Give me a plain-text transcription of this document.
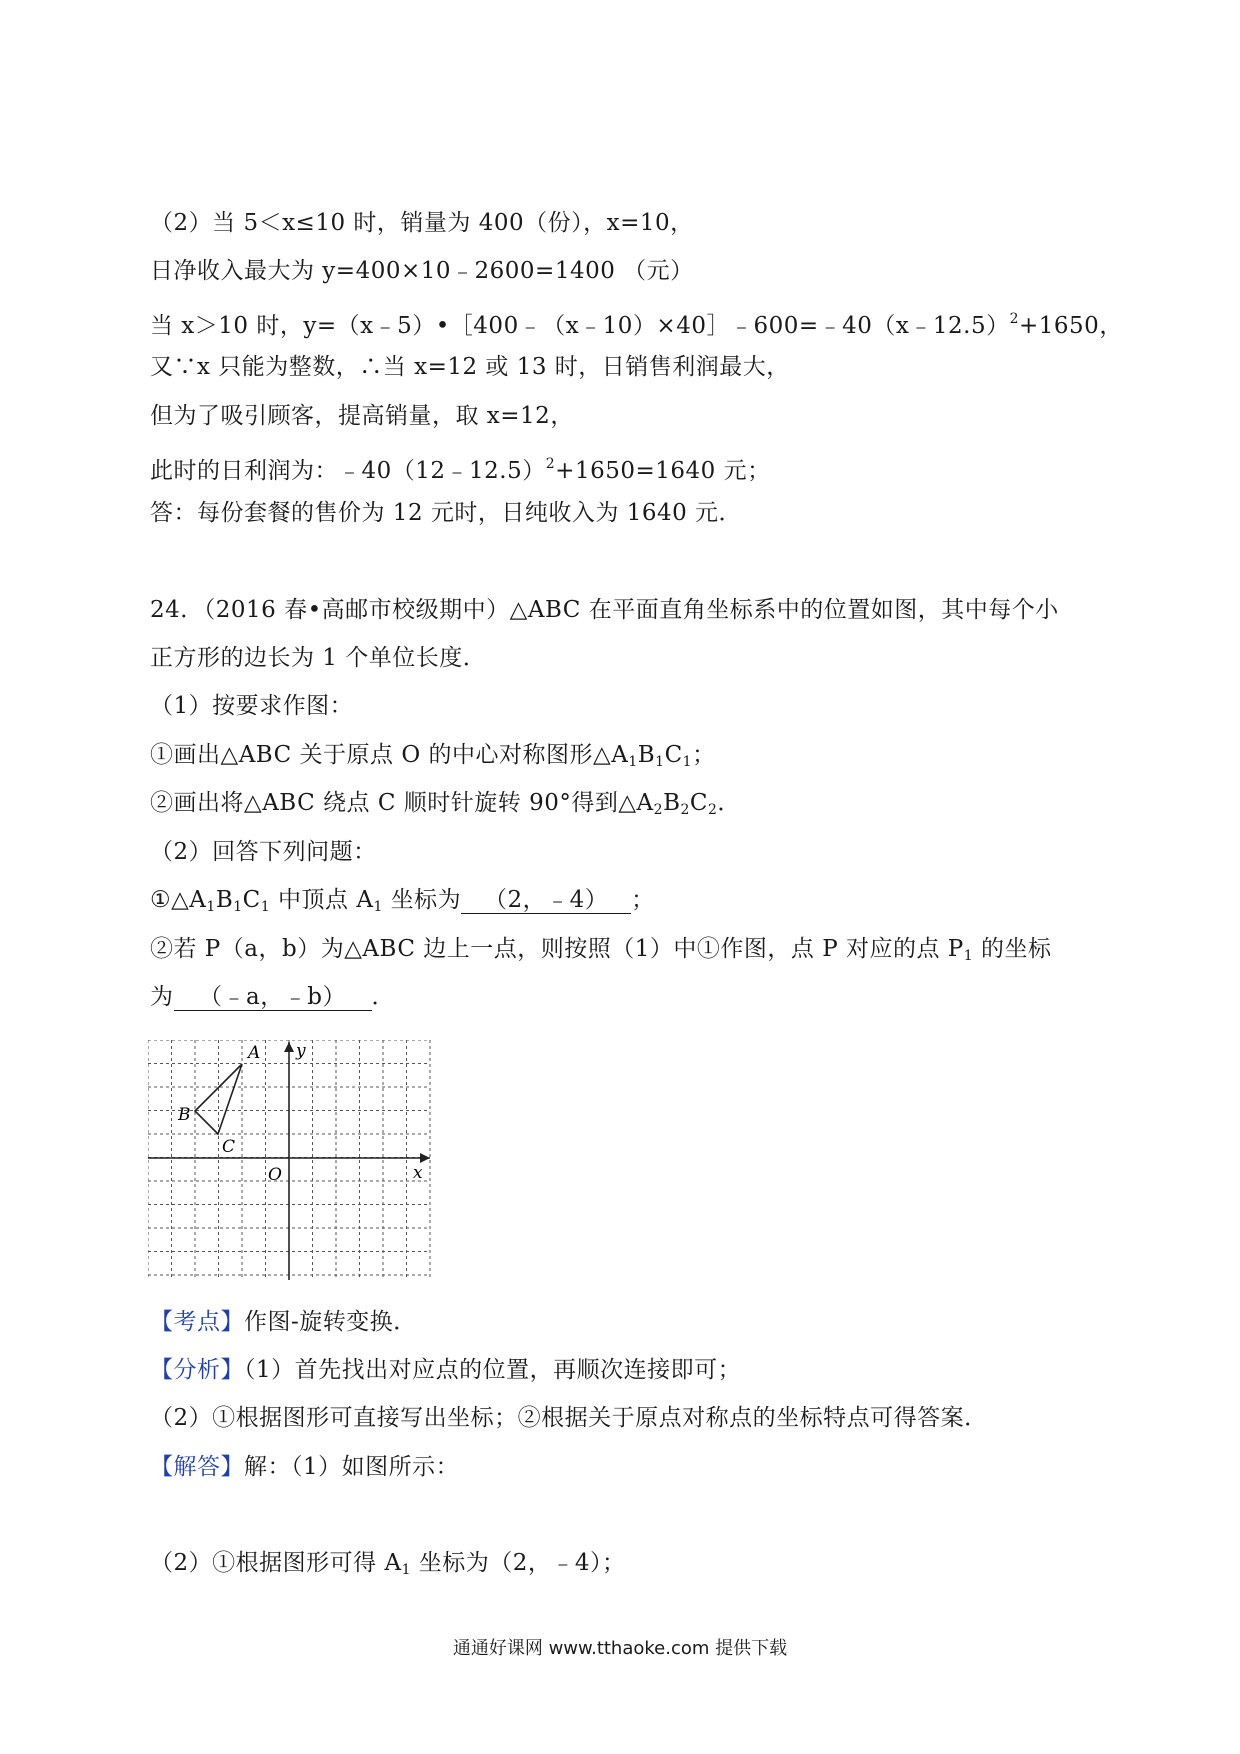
（2）当 5＜x≤10 时，销量为 400（份），x=10，
日净收入最大为 y=400×10﹣2600=1400 （元）
当 x＞10 时，y=（x﹣5）•［400﹣（x﹣10）×40］﹣600=﹣40（x﹣12.5）$^2$+1650，
又∵x 只能为整数，∴当 x=12 或 13 时，日销售利润最大，
但为了吸引顾客，提高销量，取 x=12，
此时的日利润为：﹣40（12﹣12.5）$^2$+1650=1640 元；
答：每份套餐的售价为 12 元时，日纯收入为 1640 元．
24．（2016 春•高邮市校级期中）△ABC 在平面直角坐标系中的位置如图，其中每个小
正方形的边长为 1 个单位长度．
（1）按要求作图：
①画出△ABC 关于原点 O 的中心对称图形$\triangle A_1B_1C_1$；
②画出将△ABC 绕点 C 顺时针旋转 90°得到$\triangle A_2B_2C_2$．
（2）回答下列问题：
$①\triangle A_1B_1C_1$ 中顶点 $A_1$ 坐标为 （2，﹣4） ；
②若 P（a，b）为△ABC 边上一点，则按照（1）中①作图，点 P 对应的点 $P_1$ 的坐标
为 （﹣a，﹣b） ．
A
B
C
O	x
y
【考点】作图-旋转变换．
【分析】（1）首先找出对应点的位置，再顺次连接即可；
（2）①根据图形可直接写出坐标；②根据关于原点对称点的坐标特点可得答案．
【解答】解：（1）如图所示：
（2）①根据图形可得 $A_1$ 坐标为（2，﹣4）；
通通好课网 www.tthaoke.com 提供下载
